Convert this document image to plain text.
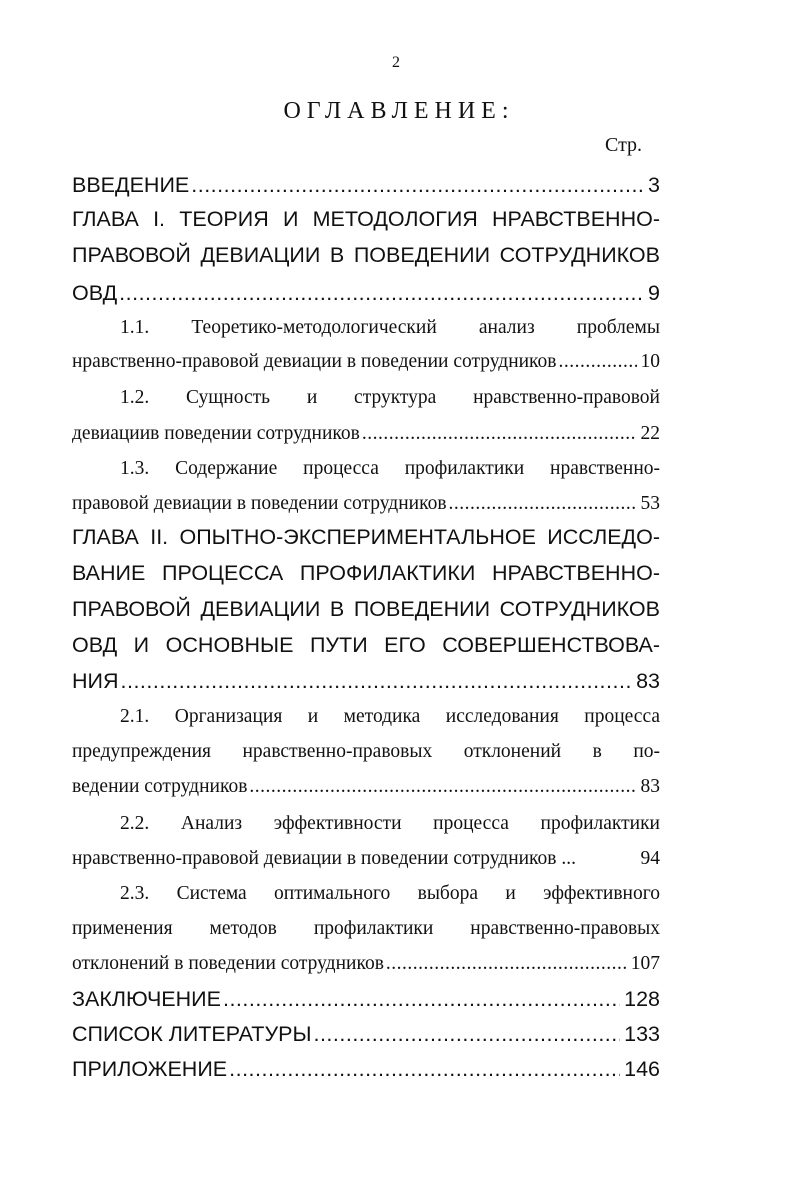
2
ОГЛАВЛЕНИЕ:
Стр.
ВВЕДЕНИЕ .....	3
ГЛАВА I. ТЕОРИЯ И МЕТОДОЛОГИЯ НРАВСТВЕННО-
ПРАВОВОЙ ДЕВИАЦИИ В ПОВЕДЕНИИ СОТРУДНИКОВ
ОВД .....	9
1.1. Теоретико-методологический анализ проблемы
нравственно-правовой девиации в поведении сотрудников .....	10
1.2. Сущность и структура нравственно-правовой
девиациив поведении сотрудников .....	22
1.3. Содержание процесса профилактики нравственно-
правовой девиации в поведении сотрудников .....	53
ГЛАВА II. ОПЫТНО-ЭКСПЕРИМЕНТАЛЬНОЕ ИССЛЕДО-
ВАНИЕ ПРОЦЕССА ПРОФИЛАКТИКИ НРАВСТВЕННО-
ПРАВОВОЙ ДЕВИАЦИИ В ПОВЕДЕНИИ СОТРУДНИКОВ
ОВД И ОСНОВНЫЕ ПУТИ ЕГО СОВЕРШЕНСТВОВА-
НИЯ .....	83
2.1. Организация и методика исследования процесса
предупреждения нравственно-правовых отклонений в по-
ведении сотрудников .....	83
2.2. Анализ эффективности процесса профилактики
нравственно-правовой девиации в поведении сотрудников ...	94
2.3. Система оптимального выбора и эффективного
применения методов профилактики нравственно-правовых
отклонений в поведении сотрудников .....	107
ЗАКЛЮЧЕНИЕ .....	128
СПИСОК ЛИТЕРАТУРЫ .....	133
ПРИЛОЖЕНИЕ .....	146
